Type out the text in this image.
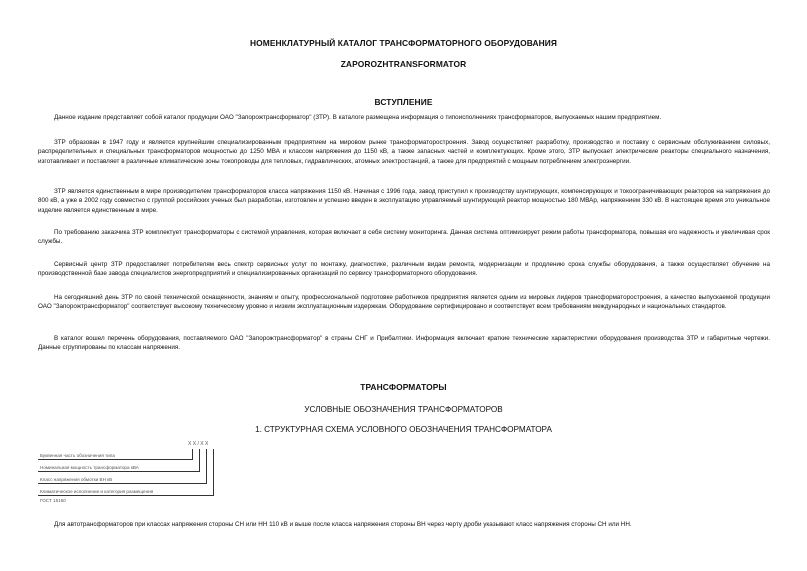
НОМЕНКЛАТУРНЫЙ КАТАЛОГ ТРАНСФОРМАТОРНОГО ОБОРУДОВАНИЯ
ZAPOROZHTRANSFORMATOR
ВСТУПЛЕНИЕ

Данное издание представляет собой каталог продукции ОАО "Запорожтрансформатор" (ЗТР). В каталоге размещена информация о типоисполнениях трансформаторов, выпускаемых нашим предприятием.

ЗТР образован в 1947 году и является крупнейшим специализированным предприятием на мировом рынке трансформаторостроения. Завод осуществляет разработку, производство и поставку с сервисным обслуживанием силовых, распределительных и специальных трансформаторов мощностью до 1250 МВА и классом напряжения до 1150 кВ, а также запасных частей и комплектующих. Кроме этого, ЗТР выпускает электрические реакторы специального назначения, изготавливает и поставляет в различные климатические зоны токопроводы для тепловых, гидравлических, атомных электростанций, а также для предприятий с мощным потреблением электроэнергии.

ЗТР является единственным в мире производителем трансформаторов класса напряжения 1150 кВ. Начиная с 1996 года, завод приступил к производству шунтирующих, компенсирующих и токоограничивающих реакторов на напряжения до 800 кВ, а уже в 2002 году совместно с группой российских ученых был разработан, изготовлен и успешно введен в эксплуатацию управляемый шунтирующий реактор мощностью 180 МВАр, напряжением 330 кВ. В настоящее время это уникальное изделие является единственным в мире.

По требованию заказчика ЗТР комплектует трансформаторы с системой управления, которая включает в себя систему мониторинга. Данная система оптимизирует режим работы трансформатора, повышая его надежность и увеличивая срок службы.

Сервисный центр ЗТР предоставляет потребителям весь спектр сервисных услуг по монтажу, диагностике, различным видам ремонта, модернизации и продлению срока службы оборудования, а также осуществляет обучение на производственной базе завода специалистов энергопредприятий и специализированных организаций по сервису трансформаторного оборудования.

На сегодняшний день ЗТР по своей технической оснащенности, знаниям и опыту, профессиональной подготовке работников предприятия является одним из мировых лидеров трансформаторостроения, а качество выпускаемой продукции ОАО "Запорожтрансформатор" соответствует высокому техническому уровню и низким эксплуатационным издержкам. Оборудование сертифицировано и соответствует всем требованиям международных и национальных стандартов.

В каталог вошел перечень оборудования, поставляемого ОАО "Запорожтрансформатор" в страны СНГ и Прибалтики. Информация включает краткие технические характеристики оборудования производства ЗТР и габаритные чертежи. Данные сгруппированы по классам напряжения.

ТРАНСФОРМАТОРЫ
УСЛОВНЫЕ ОБОЗНАЧЕНИЯ ТРАНСФОРМАТОРОВ
1. СТРУКТУРНАЯ СХЕМА УСЛОВНОГО ОБОЗНАЧЕНИЯ ТРАНСФОРМАТОРА
Х Х / Х Х
Буквенная часть обозначения типа
Номинальная мощность трансформатора кВА
Класс напряжения обмотки ВН кВ
Климатическое исполнение и категория размещения
ГОСТ 15150

Для автотрансформаторов при классах напряжения стороны СН или НН 110 кВ и выше после класса напряжения стороны ВН через черту дроби указывают класс напряжения стороны СН или НН.
